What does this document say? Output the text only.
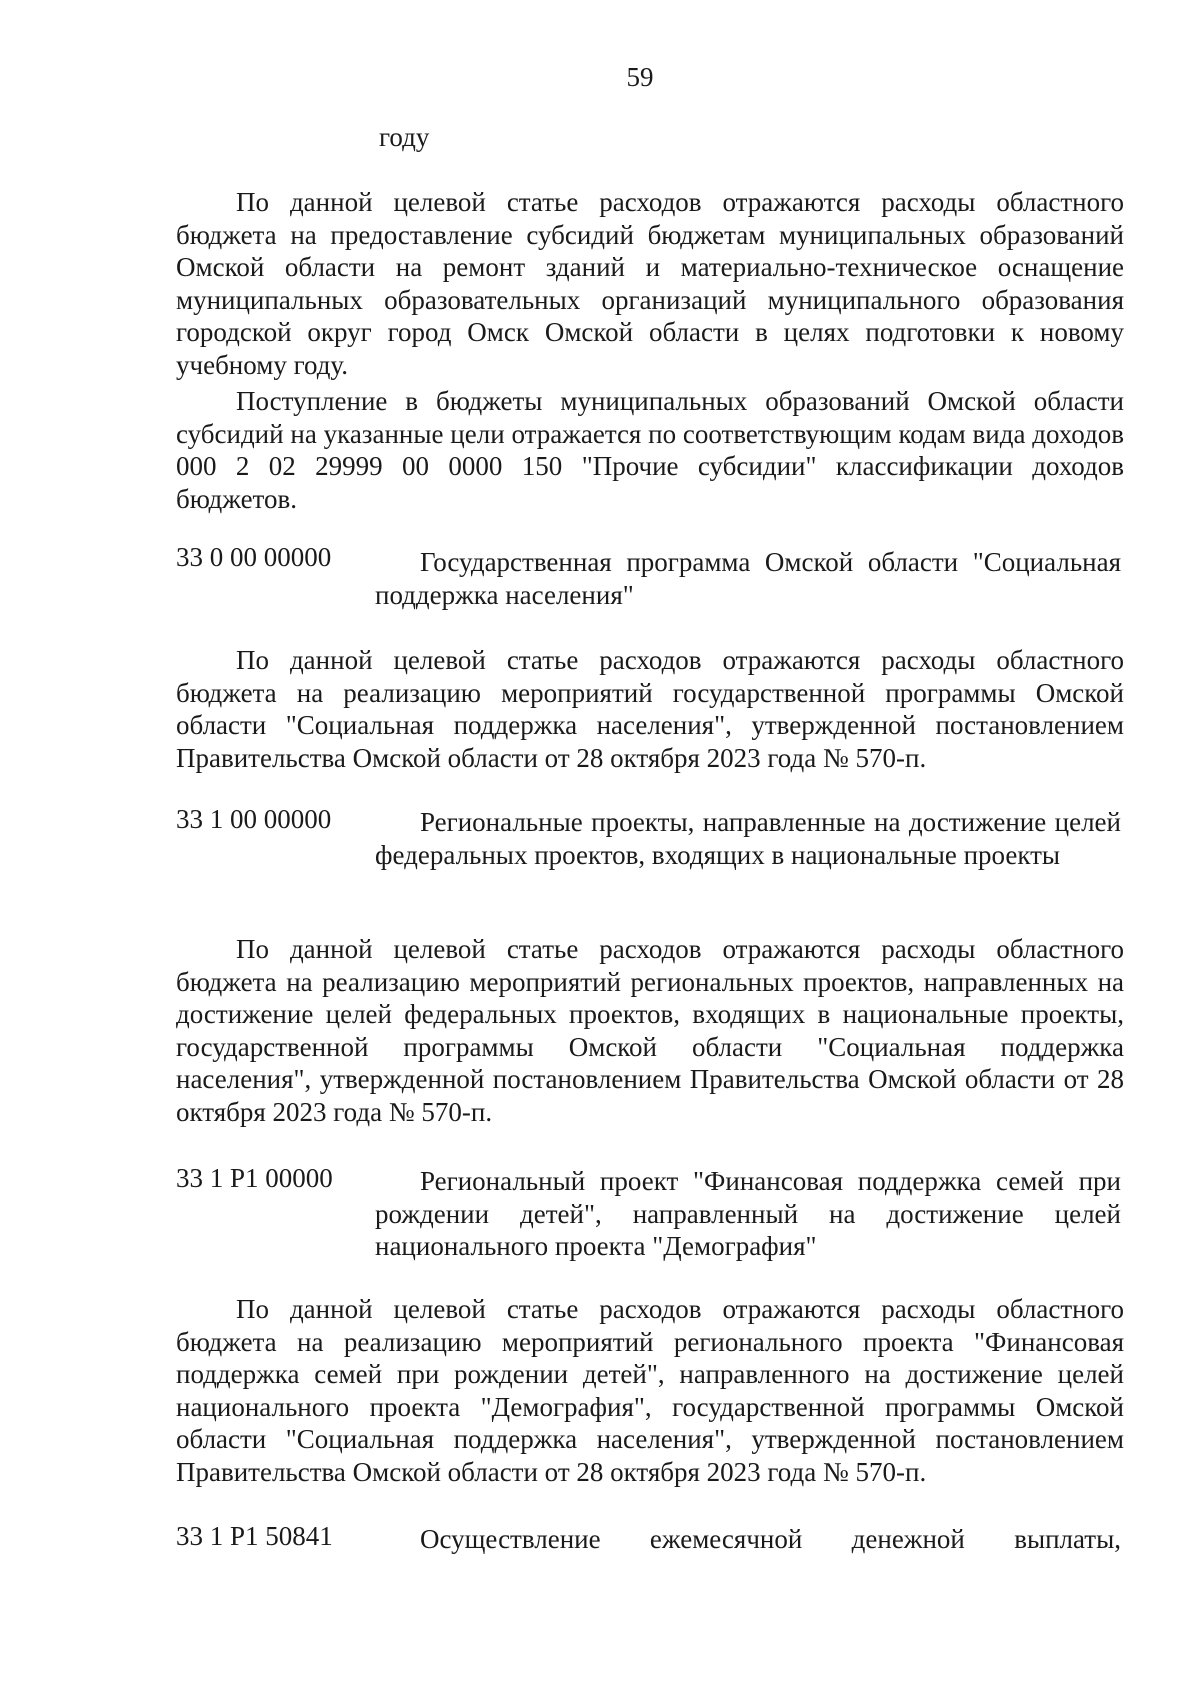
59
году

По данной целевой статье расходов отражаются расходы областного бюджета на предоставление субсидий бюджетам муниципальных образований Омской области на ремонт зданий и материально-техническое оснащение муниципальных образовательных организаций муниципального образования городской округ город Омск Омской области в целях подготовки к новому учебному году.

Поступление в бюджеты муниципальных образований Омской области субсидий на указанные цели отражается по соответствующим кодам вида доходов 000 2 02 29999 00 0000 150 "Прочие субсидии" классификации доходов бюджетов.

33 0 00 00000	Государственная программа Омской области "Социальная поддержка населения"

По данной целевой статье расходов отражаются расходы областного бюджета на реализацию мероприятий государственной программы Омской области "Социальная поддержка населения", утвержденной постановлением Правительства Омской области от 28 октября 2023 года № 570-п.

33 1 00 00000	Региональные проекты, направленные на достижение целей федеральных проектов, входящих в национальные проекты

По данной целевой статье расходов отражаются расходы областного бюджета на реализацию мероприятий региональных проектов, направленных на достижение целей федеральных проектов, входящих в национальные проекты, государственной программы Омской области "Социальная поддержка населения", утвержденной постановлением Правительства Омской области от 28 октября 2023 года № 570-п.

33 1 Р1 00000	Региональный проект "Финансовая поддержка семей при рождении детей", направленный на достижение целей национального проекта "Демография"

По данной целевой статье расходов отражаются расходы областного бюджета на реализацию мероприятий регионального проекта "Финансовая поддержка семей при рождении детей", направленного на достижение целей национального проекта "Демография", государственной программы Омской области "Социальная поддержка населения", утвержденной постановлением Правительства Омской области от 28 октября 2023 года № 570-п.

33 1 Р1 50841	Осуществление ежемесячной денежной выплаты,
